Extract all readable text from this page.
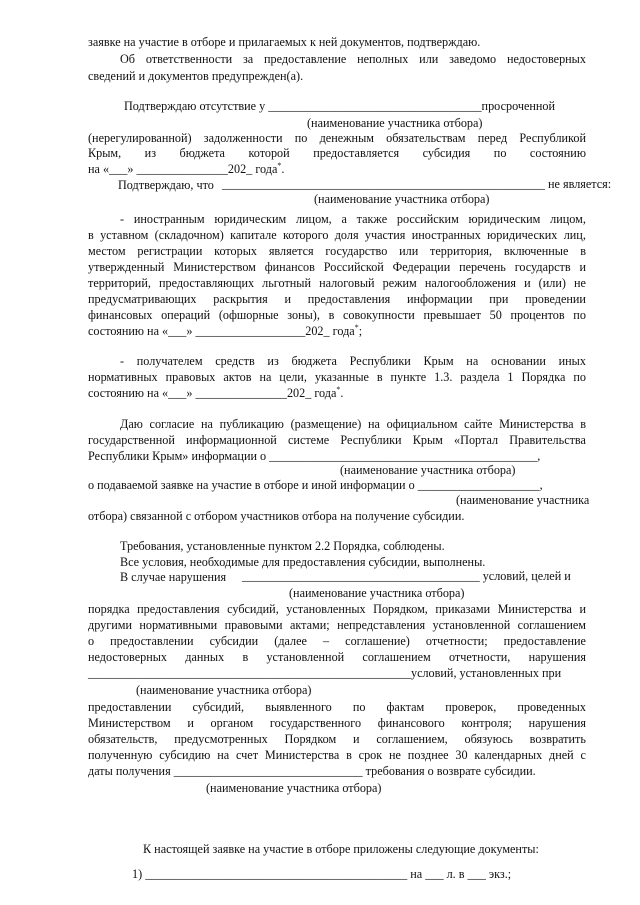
заявке на участие в отборе и прилагаемых к ней документов, подтверждаю.
Об ответственности за предоставление неполных или заведомо недостоверных
сведений и документов предупрежден(а).
Подтверждаю отсутствие у ___________________________________просроченной
(наименование участника отбора)
(нерегулированной) задолженности по денежным обязательствам перед Республикой
Крым, из бюджета которой предоставляется субсидия по состоянию
на «___» _______________202_ года*.
Подтверждаю, что _____________________________________________________ не является:
(наименование участника отбора)
- иностранным юридическим лицом, а также российским юридическим лицом,
в уставном (складочном) капитале которого доля участия иностранных юридических лиц,
местом регистрации которых является государство или территория, включенные в
утвержденный Министерством финансов Российской Федерации перечень государств и
территорий, предоставляющих льготный налоговый режим налогообложения и (или) не
предусматривающих раскрытия и предоставления информации при проведении
финансовых операций (офшорные зоны), в совокупности превышает 50 процентов по
состоянию на «___» __________________202_ года*;
- получателем средств из бюджета Республики Крым на основании иных
нормативных правовых актов на цели, указанные в пункте 1.3. раздела 1 Порядка по
состоянию на «___» _______________202_ года*.
Даю согласие на публикацию (размещение) на официальном сайте Министерства в
государственной информационной системе Республики Крым «Портал Правительства
Республики Крым» информации о ____________________________________________,
(наименование участника отбора)
о подаваемой заявке на участие в отборе и иной информации о ____________________,
(наименование участника
отбора) связанной с отбором участников отбора на получение субсидии.
Требования, установленные пунктом 2.2 Порядка, соблюдены.
Все условия, необходимые для предоставления субсидии, выполнены.
В случае нарушения _______________________________________ условий, целей и
(наименование участника отбора)
порядка предоставления субсидий, установленных Порядком, приказами Министерства и
другими нормативными правовыми актами; непредставления установленной соглашением
о предоставлении субсидии (далее – соглашение) отчетности; предоставление
недостоверных данных в установленной соглашением отчетности, нарушения
_____________________________________________________условий, установленных при
(наименование участника отбора)
предоставлении субсидий, выявленного по фактам проверок, проведенных
Министерством и органом государственного финансового контроля; нарушения
обязательств, предусмотренных Порядком и соглашением, обязуюсь возвратить
полученную субсидию на счет Министерства в срок не позднее 30 календарных дней с
даты получения _______________________________ требования о возврате субсидии.
(наименование участника отбора)
К настоящей заявке на участие в отборе приложены следующие документы:
1) ___________________________________________ на ___ л. в ___ экз.;
